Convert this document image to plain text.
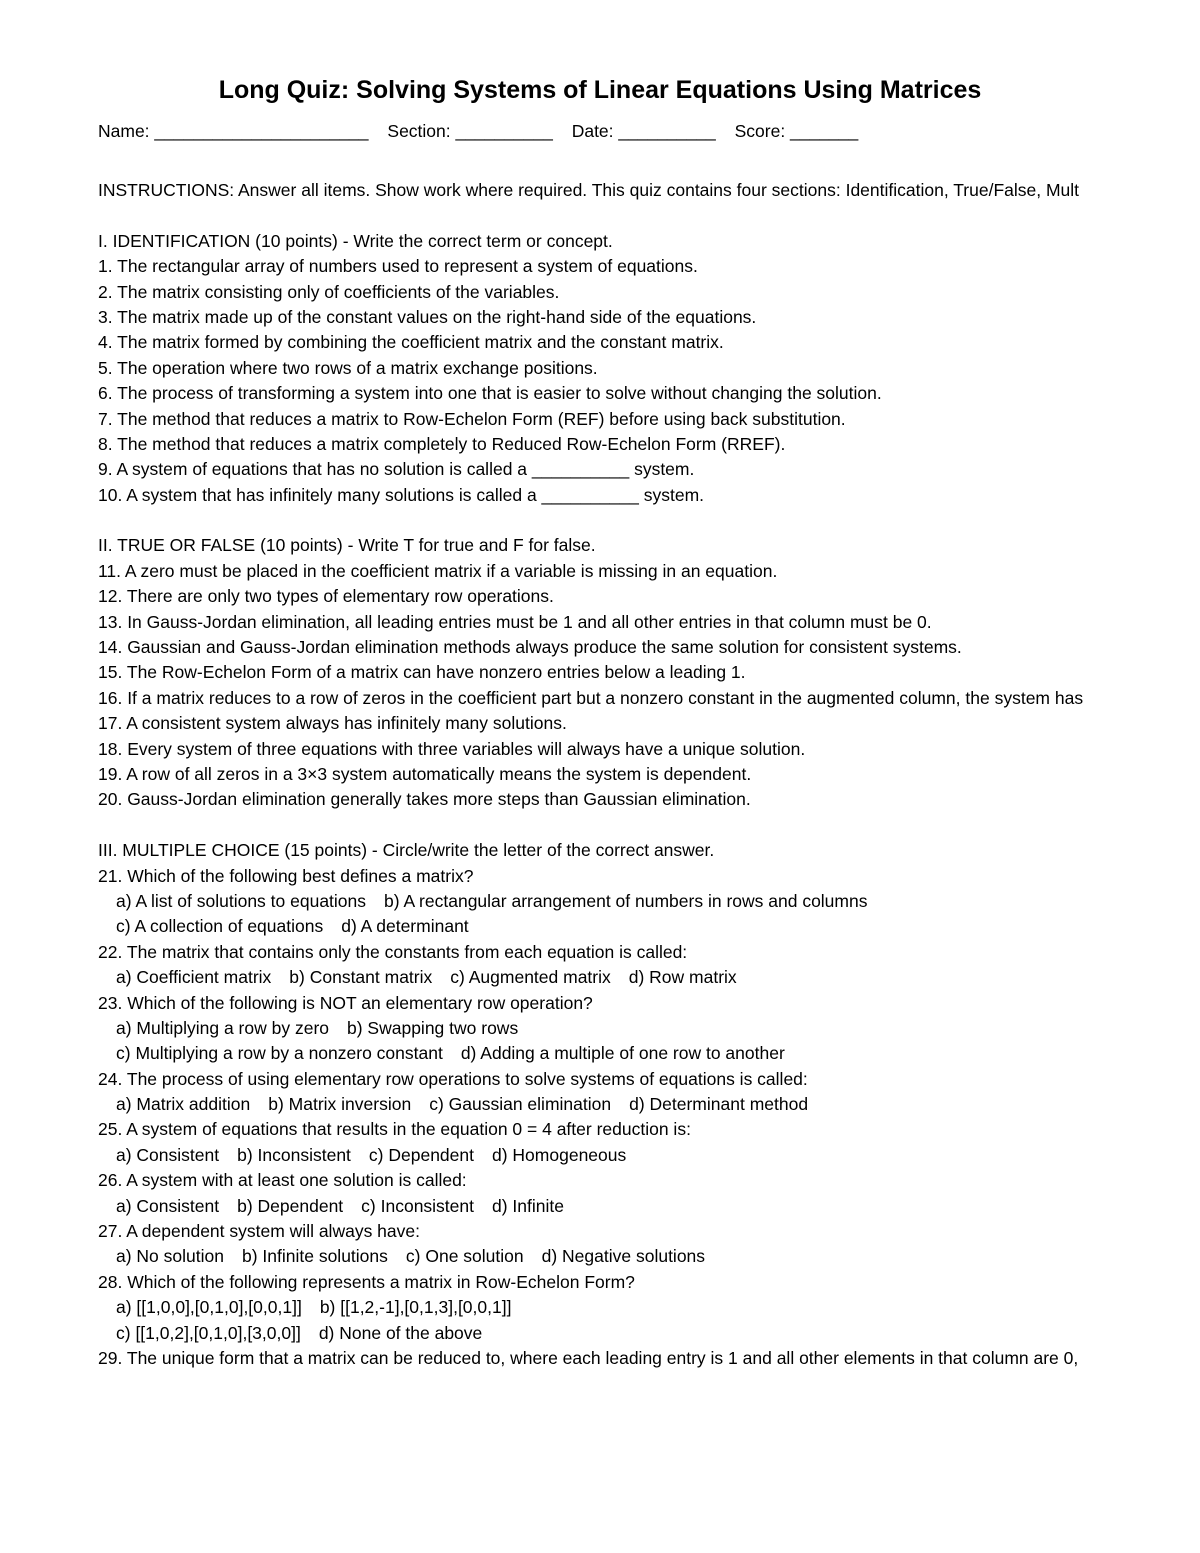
Long Quiz: Solving Systems of Linear Equations Using Matrices
Name: ______________________ Section: __________ Date: __________ Score: _______
INSTRUCTIONS: Answer all items. Show work where required. This quiz contains four sections: Identification, True/False, Mult
I. IDENTIFICATION (10 points) - Write the correct term or concept.
1. The rectangular array of numbers used to represent a system of equations.
2. The matrix consisting only of coefficients of the variables.
3. The matrix made up of the constant values on the right-hand side of the equations.
4. The matrix formed by combining the coefficient matrix and the constant matrix.
5. The operation where two rows of a matrix exchange positions.
6. The process of transforming a system into one that is easier to solve without changing the solution.
7. The method that reduces a matrix to Row-Echelon Form (REF) before using back substitution.
8. The method that reduces a matrix completely to Reduced Row-Echelon Form (RREF).
9. A system of equations that has no solution is called a __________ system.
10. A system that has infinitely many solutions is called a __________ system.
II. TRUE OR FALSE (10 points) - Write T for true and F for false.
11. A zero must be placed in the coefficient matrix if a variable is missing in an equation.
12. There are only two types of elementary row operations.
13. In Gauss-Jordan elimination, all leading entries must be 1 and all other entries in that column must be 0.
14. Gaussian and Gauss-Jordan elimination methods always produce the same solution for consistent systems.
15. The Row-Echelon Form of a matrix can have nonzero entries below a leading 1.
16. If a matrix reduces to a row of zeros in the coefficient part but a nonzero constant in the augmented column, the system has
17. A consistent system always has infinitely many solutions.
18. Every system of three equations with three variables will always have a unique solution.
19. A row of all zeros in a 3×3 system automatically means the system is dependent.
20. Gauss-Jordan elimination generally takes more steps than Gaussian elimination.
III. MULTIPLE CHOICE (15 points) - Circle/write the letter of the correct answer.
21. Which of the following best defines a matrix?
a) A list of solutions to equations b) A rectangular arrangement of numbers in rows and columns
c) A collection of equations d) A determinant
22. The matrix that contains only the constants from each equation is called:
a) Coefficient matrix b) Constant matrix c) Augmented matrix d) Row matrix
23. Which of the following is NOT an elementary row operation?
a) Multiplying a row by zero b) Swapping two rows
c) Multiplying a row by a nonzero constant d) Adding a multiple of one row to another
24. The process of using elementary row operations to solve systems of equations is called:
a) Matrix addition b) Matrix inversion c) Gaussian elimination d) Determinant method
25. A system of equations that results in the equation 0 = 4 after reduction is:
a) Consistent b) Inconsistent c) Dependent d) Homogeneous
26. A system with at least one solution is called:
a) Consistent b) Dependent c) Inconsistent d) Infinite
27. A dependent system will always have:
a) No solution b) Infinite solutions c) One solution d) Negative solutions
28. Which of the following represents a matrix in Row-Echelon Form?
a) [[1,0,0],[0,1,0],[0,0,1]] b) [[1,2,-1],[0,1,3],[0,0,1]]
c) [[1,0,2],[0,1,0],[3,0,0]] d) None of the above
29. The unique form that a matrix can be reduced to, where each leading entry is 1 and all other elements in that column are 0,
